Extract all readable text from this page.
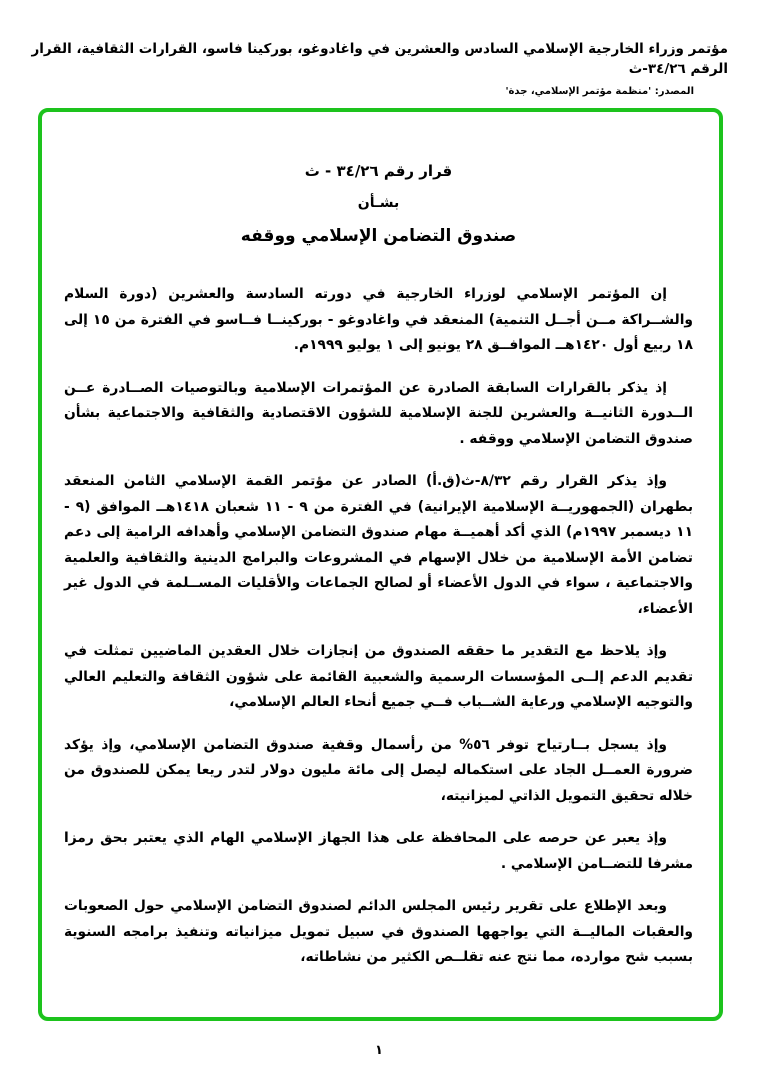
مؤتمر وزراء الخارجية الإسلامي السادس والعشرين في واغادوغو، بوركينا فاسو، القرارات الثقافية، القرار الرقم ٣٤/٢٦-ث
المصدر: 'منظمة مؤتمر الإسلامي، جدة'
قرار رقم ٣٤/٢٦ - ث
بشـأن
صندوق التضامن الإسلامي ووقفه

إن المؤتمر الإسلامي لوزراء الخارجية في دورته السادسة والعشرين (دورة السلام والشــراكة مــن أجــل التنمية) المنعقد في واغادوغو - بوركينــا فــاسو في الفترة من ١٥ إلى ١٨ ربيع أول ١٤٢٠هــ الموافــق ٢٨ يونيو إلى ١ يوليو ١٩٩٩م.

إذ يذكر بالقرارات السابقة الصادرة عن المؤتمرات الإسلامية وبالتوصيات الصــادرة عــن الــدورة الثانيــة والعشرين للجنة الإسلامية للشؤون الاقتصادية والثقافية والاجتماعية بشأن صندوق التضامن الإسلامي ووقفه .

وإذ يذكر القرار رقم ٨/٣٢-ث(ق.أ) الصادر عن مؤتمر القمة الإسلامي الثامن المنعقد بطهران (الجمهوريــة الإسلامية الإيرانية) في الفترة من ٩ - ١١ شعبان ١٤١٨هــ الموافق (٩ - ١١ ديسمبر ١٩٩٧م) الذي أكد أهميــة مهام صندوق التضامن الإسلامي وأهدافه الرامية إلى دعم تضامن الأمة الإسلامية من خلال الإسهام في المشروعات والبرامج الدينية والثقافية والعلمية والاجتماعية ، سواء في الدول الأعضاء أو لصالح الجماعات والأقليات المســلمة في الدول غير الأعضاء،

وإذ يلاحظ مع التقدير ما حققه الصندوق من إنجازات خلال العقدين الماضيين تمثلت في تقديم الدعم إلــى المؤسسات الرسمية والشعبية القائمة على شؤون الثقافة والتعليم العالي والتوجيه الإسلامي ورعاية الشــباب فــي جميع أنحاء العالم الإسلامي،

وإذ يسجل بــارتياح توفر ٥٦% من رأسمال وقفية صندوق التضامن الإسلامي، وإذ يؤكد ضرورة العمــل الجاد على استكماله ليصل إلى مائة مليون دولار لتدر ريعا يمكن للصندوق من خلاله تحقيق التمويل الذاتي لميزانيته،

وإذ يعبر عن حرصه على المحافظة على هذا الجهاز الإسلامي الهام الذي يعتبر بحق رمزا مشرفا للتضــامن الإسلامي .

وبعد الإطلاع على تقرير رئيس المجلس الدائم لصندوق التضامن الإسلامي حول الصعوبات والعقبات الماليــة التي يواجهها الصندوق في سبيل تمويل ميزانياته وتنفيذ برامجه السنوية بسبب شح موارده، مما نتج عنه تقلــص الكثير من نشاطاته،

١
